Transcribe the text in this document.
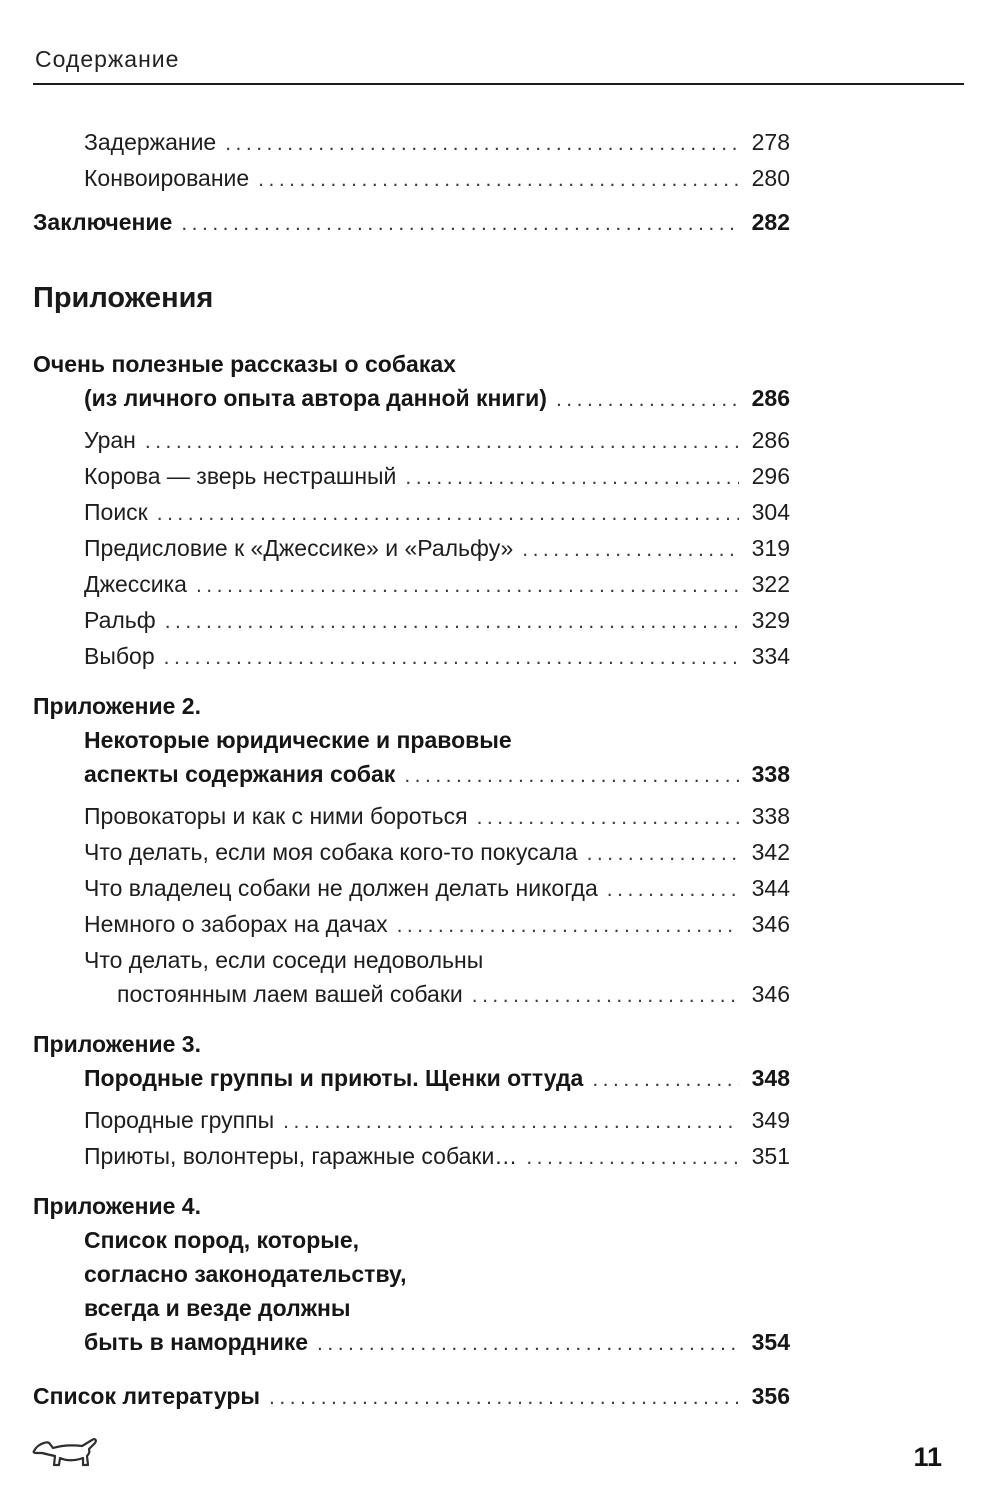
Содержание
Задержание .....	278
Конвоирование .....	280
Заключение .....	282
Приложения
Очень полезные рассказы о собаках
(из личного опыта автора данной книги) .....	286
Уран .....	286
Корова — зверь нестрашный .....	296
Поиск .....	304
Предисловие к «Джессике» и «Ральфу» .....	319
Джессика .....	322
Ральф .....	329
Выбор .....	334
Приложение 2.
Некоторые юридические и правовые
аспекты содержания собак .....	338
Провокаторы и как с ними бороться .....	338
Что делать, если моя собака кого-то покусала .....	342
Что владелец собаки не должен делать никогда .....	344
Немного о заборах на дачах .....	346
Что делать, если соседи недовольны
постоянным лаем вашей собаки .....	346
Приложение 3.
Породные группы и приюты. Щенки оттуда .....	348
Породные группы .....	349
Приюты, волонтеры, гаражные собаки… .....	351
Приложение 4.
Список пород, которые,
согласно законодательству,
всегда и везде должны
быть в наморднике .....	354
Список литературы .....	356
11
